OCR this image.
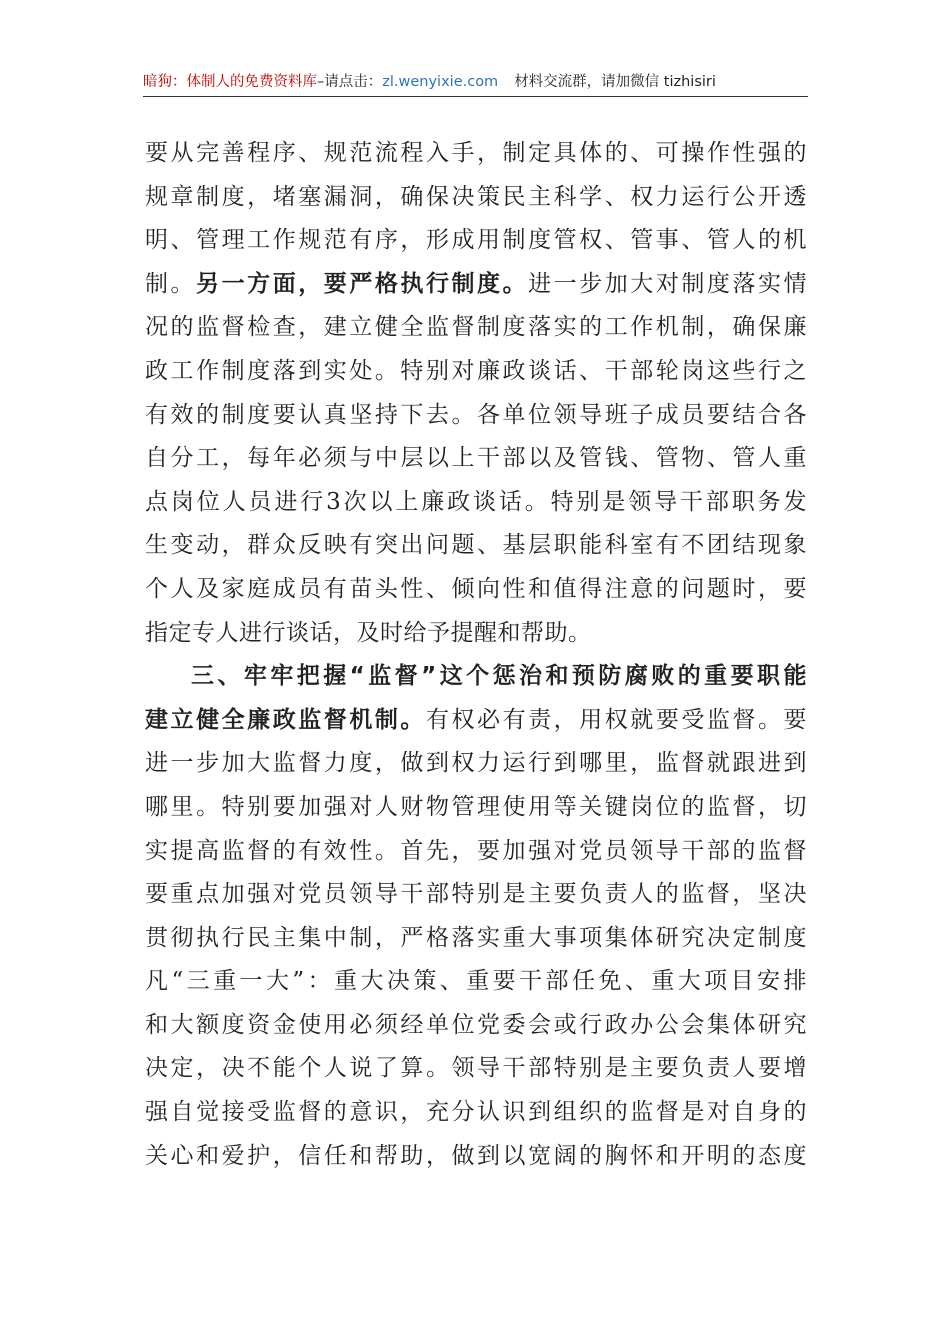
暗狗：体制人的免费资料库–请点击：zl.wenyixie.com 材料交流群，请加微信 tizhisiri
要从完善程序、规范流程入手，制定具体的、可操作性强的
规章制度，堵塞漏洞，确保决策民主科学、权力运行公开透
明、管理工作规范有序，形成用制度管权、管事、管人的机
制。另一方面，要严格执行制度。进一步加大对制度落实情
况的监督检查，建立健全监督制度落实的工作机制，确保廉
政工作制度落到实处。特别对廉政谈话、干部轮岗这些行之
有效的制度要认真坚持下去。各单位领导班子成员要结合各
自分工，每年必须与中层以上干部以及管钱、管物、管人重
点岗位人员进行3次以上廉政谈话。特别是领导干部职务发
生变动，群众反映有突出问题、基层职能科室有不团结现象
个人及家庭成员有苗头性、倾向性和值得注意的问题时，要
指定专人进行谈话，及时给予提醒和帮助。
三、牢牢把握“监督”这个惩治和预防腐败的重要职能
建立健全廉政监督机制。有权必有责，用权就要受监督。要
进一步加大监督力度，做到权力运行到哪里，监督就跟进到
哪里。特别要加强对人财物管理使用等关键岗位的监督，切
实提高监督的有效性。首先，要加强对党员领导干部的监督
要重点加强对党员领导干部特别是主要负责人的监督，坚决
贯彻执行民主集中制，严格落实重大事项集体研究决定制度
凡“三重一大”：重大决策、重要干部任免、重大项目安排
和大额度资金使用必须经单位党委会或行政办公会集体研究
决定，决不能个人说了算。领导干部特别是主要负责人要增
强自觉接受监督的意识，充分认识到组织的监督是对自身的
关心和爱护，信任和帮助，做到以宽阔的胸怀和开明的态度
